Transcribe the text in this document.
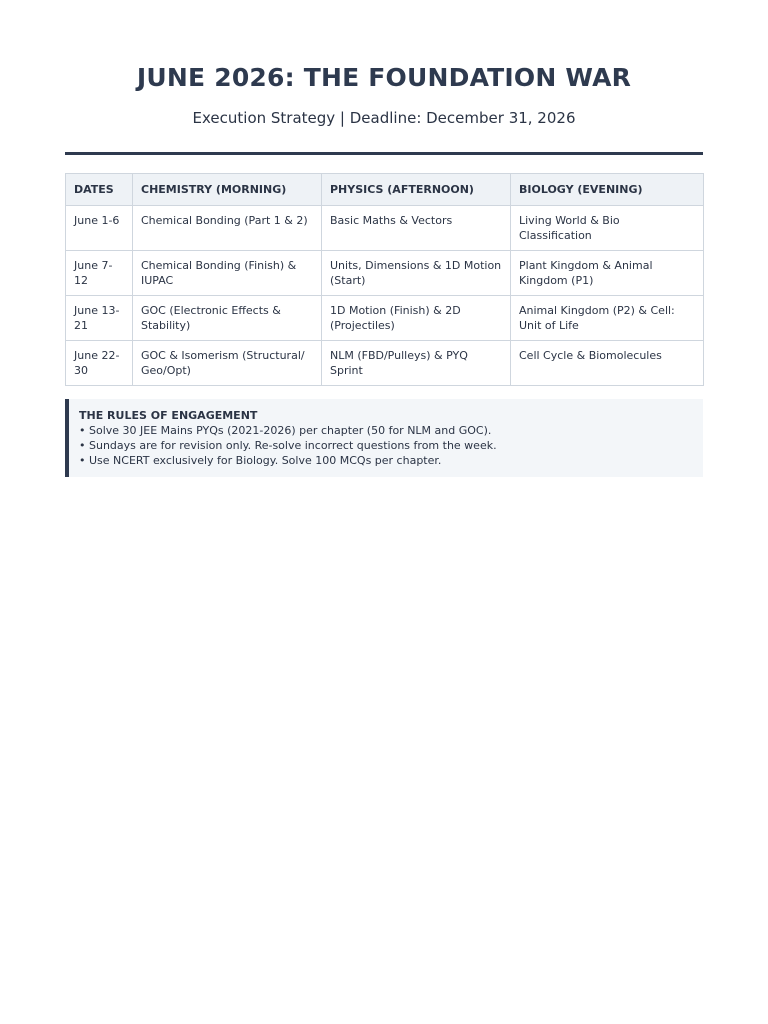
JUNE 2026: THE FOUNDATION WAR
Execution Strategy | Deadline: December 31, 2026
DATES	CHEMISTRY (MORNING)	PHYSICS (AFTERNOON)	BIOLOGY (EVENING)
June 1-6	Chemical Bonding (Part 1 & 2)	Basic Maths & Vectors	Living World & Bio Classification
June 7-12	Chemical Bonding (Finish) & IUPAC	Units, Dimensions & 1D Motion (Start)	Plant Kingdom & Animal Kingdom (P1)
June 13-21	GOC (Electronic Effects & Stability)	1D Motion (Finish) & 2D (Projectiles)	Animal Kingdom (P2) & Cell: Unit of Life
June 22-30	GOC & Isomerism (Structural/ Geo/Opt)	NLM (FBD/Pulleys) & PYQ Sprint	Cell Cycle & Biomolecules
THE RULES OF ENGAGEMENT
• Solve 30 JEE Mains PYQs (2021-2026) per chapter (50 for NLM and GOC).
• Sundays are for revision only. Re-solve incorrect questions from the week.
• Use NCERT exclusively for Biology. Solve 100 MCQs per chapter.
